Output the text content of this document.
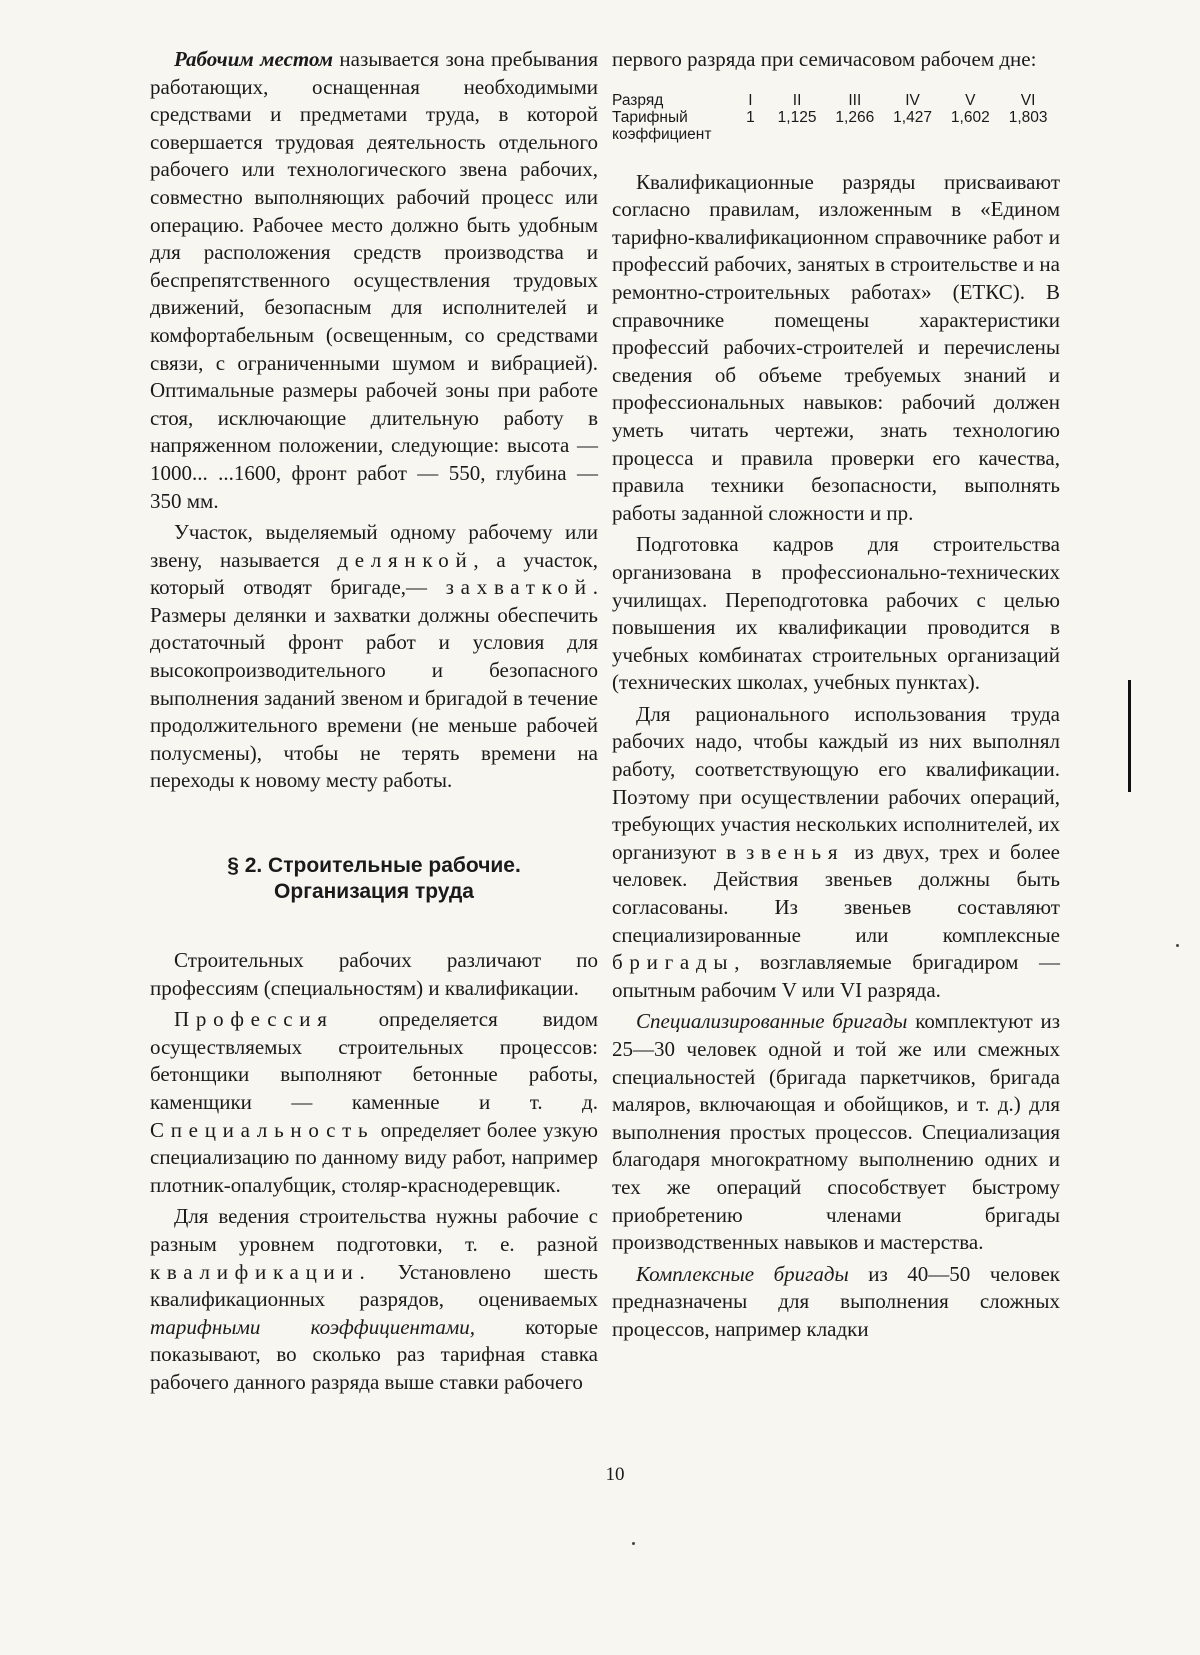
Рабочим местом называется зона пребывания работающих, оснащенная необходимыми средствами и предметами труда, в которой совершается трудовая деятельность отдельного рабочего или технологического звена рабочих, совместно выполняющих рабочий процесс или операцию. Рабочее место должно быть удобным для расположения средств производства и беспрепятственного осуществления трудовых движений, безопасным для исполнителей и комфортабельным (освещенным, со средствами связи, с ограниченными шумом и вибрацией). Оптимальные размеры рабочей зоны при работе стоя, исключающие длительную работу в напряженном положении, следующие: высота — 1000... ...1600, фронт работ — 550, глубина — 350 мм.

Участок, выделяемый одному рабочему или звену, называется делянкой, а участок, который отводят бригаде,— захваткой. Размеры делянки и захватки должны обеспечить достаточный фронт работ и условия для высокопроизводительного и безопасного выполнения заданий звеном и бригадой в течение продолжительного времени (не меньше рабочей полусмены), чтобы не терять времени на переходы к новому месту работы.

§ 2. Строительные рабочие.
Организация труда

Строительных рабочих различают по профессиям (специальностям) и квалификации.

Профессия определяется видом осуществляемых строительных процессов: бетонщики выполняют бетонные работы, каменщики — каменные и т. д. Специальность определяет более узкую специализацию по данному виду работ, например плотник-опалубщик, столяр-краснодеревщик.

Для ведения строительства нужны рабочие с разным уровнем подготовки, т. е. разной квалификации. Установлено шесть квалификационных разрядов, оцениваемых тарифными коэффициентами, которые показывают, во сколько раз тарифная ставка рабочего данного разряда выше ставки рабочего

первого разряда при семичасовом рабочем дне:

Разряд	I	II	III	IV	V	VI
Тарифный коэффициент	1	1,125	1,266	1,427	1,602	1,803

Квалификационные разряды присваивают согласно правилам, изложенным в «Едином тарифно-квалификационном справочнике работ и профессий рабочих, занятых в строительстве и на ремонтно-строительных работах» (ЕТКС). В справочнике помещены характеристики профессий рабочих-строителей и перечислены сведения об объеме требуемых знаний и профессиональных навыков: рабочий должен уметь читать чертежи, знать технологию процесса и правила проверки его качества, правила техники безопасности, выполнять работы заданной сложности и пр.

Подготовка кадров для строительства организована в профессионально-технических училищах. Переподготовка рабочих с целью повышения их квалификации проводится в учебных комбинатах строительных организаций (технических школах, учебных пунктах).

Для рационального использования труда рабочих надо, чтобы каждый из них выполнял работу, соответствующую его квалификации. Поэтому при осуществлении рабочих операций, требующих участия нескольких исполнителей, их организуют в звенья из двух, трех и более человек. Действия звеньев должны быть согласованы. Из звеньев составляют специализированные или комплексные бригады, возглавляемые бригадиром — опытным рабочим V или VI разряда.

Специализированные бригады комплектуют из 25—30 человек одной и той же или смежных специальностей (бригада паркетчиков, бригада маляров, включающая и обойщиков, и т. д.) для выполнения простых процессов. Специализация благодаря многократному выполнению одних и тех же операций способствует быстрому приобретению членами бригады производственных навыков и мастерства.

Комплексные бригады из 40—50 человек предназначены для выполнения сложных процессов, например кладки

10
